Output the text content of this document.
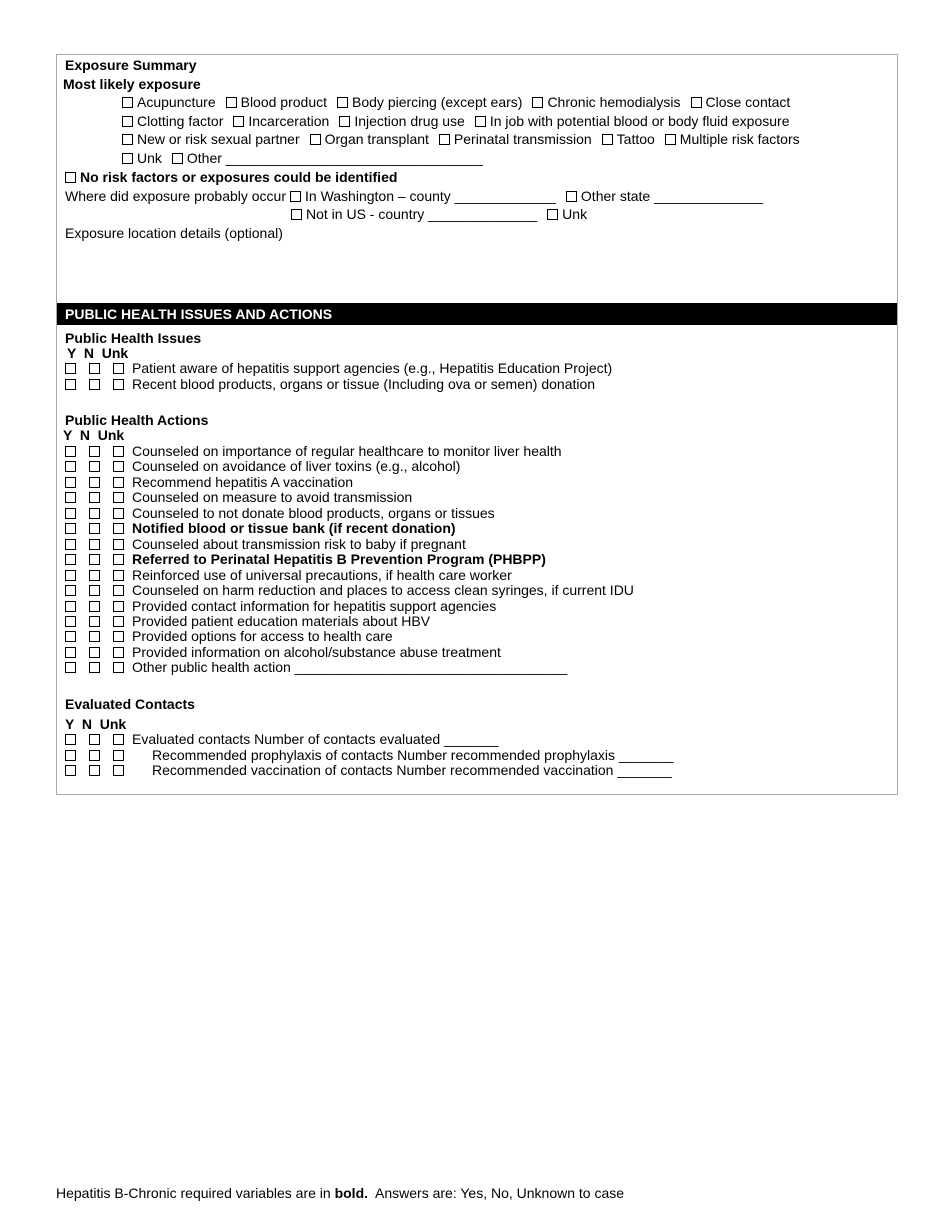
Exposure Summary
Most likely exposure
Acupuncture Blood product Body piercing (except ears) Chronic hemodialysis Close contact
Clotting factor Incarceration Injection drug use In job with potential blood or body fluid exposure
New or risk sexual partner Organ transplant Perinatal transmission Tattoo Multiple risk factors
Unk Other _________________________________
No risk factors or exposures could be identified
Where did exposure probably occur In Washington – county _____________ Other state ______________
Not in US - country ______________ Unk
Exposure location details (optional)
PUBLIC HEALTH ISSUES AND ACTIONS
Public Health Issues
Y  N  Unk
Patient aware of hepatitis support agencies (e.g., Hepatitis Education Project)
Recent blood products, organs or tissue (Including ova or semen) donation
Public Health Actions
Y  N  Unk
Counseled on importance of regular healthcare to monitor liver health
Counseled on avoidance of liver toxins (e.g., alcohol)
Recommend hepatitis A vaccination
Counseled on measure to avoid transmission
Counseled to not donate blood products, organs or tissues
Notified blood or tissue bank (if recent donation)
Counseled about transmission risk to baby if pregnant
Referred to Perinatal Hepatitis B Prevention Program (PHBPP)
Reinforced use of universal precautions, if health care worker
Counseled on harm reduction and places to access clean syringes, if current IDU
Provided contact information for hepatitis support agencies
Provided patient education materials about HBV
Provided options for access to health care
Provided information on alcohol/substance abuse treatment
Other public health action ___________________________________
Evaluated Contacts
Y  N  Unk
Evaluated contacts Number of contacts evaluated _______
Recommended prophylaxis of contacts Number recommended prophylaxis _______
Recommended vaccination of contacts Number recommended vaccination _______
Hepatitis B-Chronic required variables are in bold.  Answers are: Yes, No, Unknown to case
